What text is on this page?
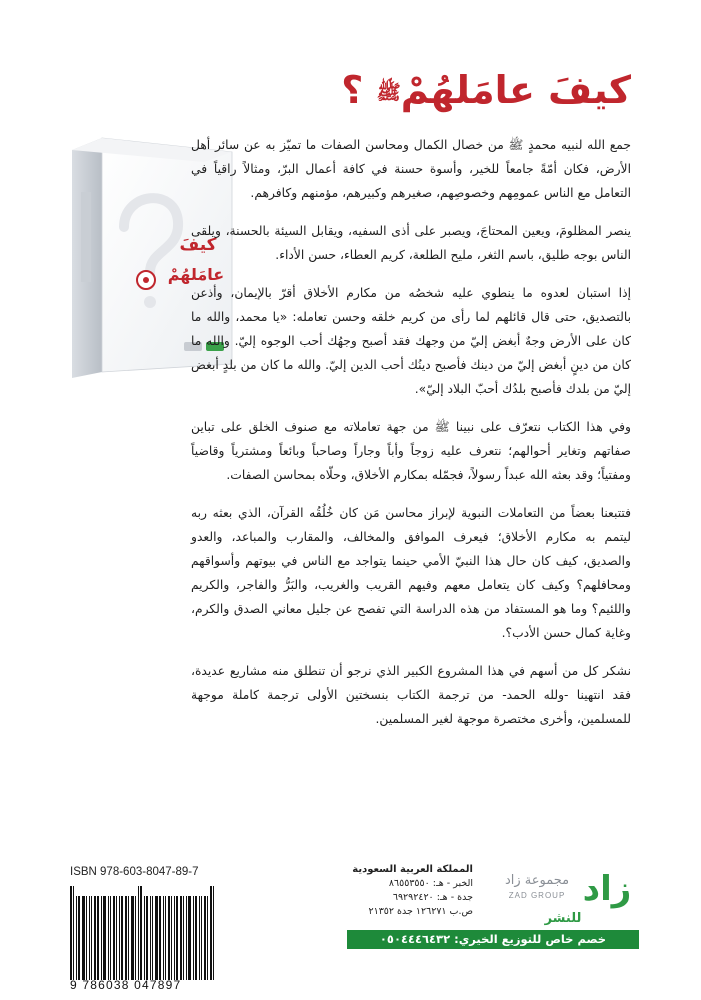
كيفَ عامَلهُمْﷺ ؟
كيفَ
عامَلهُمْ

جمع الله لنبيه محمدٍ ﷺ من خصال الكمال ومحاسن الصفات ما تميّز به عن سائر أهل الأرض، فكان أمّةً جامعاً للخير، وأسوة حسنة في كافة أعمال البرّ، ومثالاً راقياً في التعامل مع الناس عمومِهم وخصوصِهم، صغيرهم وكبيرهم، مؤمنهم وكافرهم.

ينصر المظلومَ، ويعين المحتاجَ، ويصبر على أذى السفيه، ويقابل السيئة بالحسنة، ويلقى الناس بوجه طليق، باسم الثغر، مليح الطلعة، كريم العطاء، حسن الأداء.

إذا استبان لعدوه ما ينطوي عليه شخصُه من مكارم الأخلاق أقرّ بالإيمان، وأذعن بالتصديق، حتى قال قائلهم لما رأى من كريم خلقه وحسن تعامله: «يا محمد، والله ما كان على الأرض وجهٌ أبغض إليّ من وجهك فقد أصبح وجهُك أحب الوجوه إليّ. والله ما كان من دينٍ أبغض إليّ من دينك فأصبح دينُك أحب الدين إليّ. والله ما كان من بلدٍ أبغض إليّ من بلدك فأصبح بلدُك أحبّ البلاد إليّ».

وفي هذا الكتاب نتعرّف على نبينا ﷺ من جهة تعاملاته مع صنوف الخلق على تباين صفاتهم وتغاير أحوالهم؛ نتعرف عليه زوجاً وأباً وجاراً وصاحباً وبائعاً ومشترياً وقاضياً ومفتياً؛ وقد بعثه الله عبداً رسولاً، فجمّله بمكارم الأخلاق، وحلّاه بمحاسن الصفات.

فتتبعنا بعضاً من التعاملات النبوية لإبراز محاسن مَن كان خُلُقُه القرآن، الذي بعثه ربه ليتمم به مكارم الأخلاق؛ فيعرف الموافق والمخالف، والمقارب والمباعد، والعدو والصديق، كيف كان حال هذا النبيّ الأمي حينما يتواجد مع الناس في بيوتهم وأسواقهم ومحافلهم؟ وكيف كان يتعامل معهم وفيهم القريب والغريب، والبَرُّ والفاجر، والكريم واللئيم؟ وما هو المستفاد من هذه الدراسة التي تفصح عن جليل معاني الصدق والكرم، وغاية كمال حسن الأدب؟.

نشكر كل من أسهم في هذا المشروع الكبير الذي نرجو أن تنطلق منه مشاريع عديدة، فقد انتهينا -ولله الحمد- من ترجمة الكتاب بنسختين الأولى ترجمة كاملة موجهة للمسلمين، وأخرى مختصرة موجهة لغير المسلمين.

ISBN 978-603-8047-89-7
9 786038 047897
المملكة العربية السعودية
الخبر - هـ: ٨٦٥٥٣٥٥٠
جدة - هـ: ٦٩٢٩٢٤٢٠
ص.ب ١٢٦٢٧١ جدة ٢١٣٥٢
زاد
مجموعة زاد
ZAD GROUP
للنشر
خصم خاص للتوزيع الخيري: ٠٥٠٤٤٤٦٤٣٢
